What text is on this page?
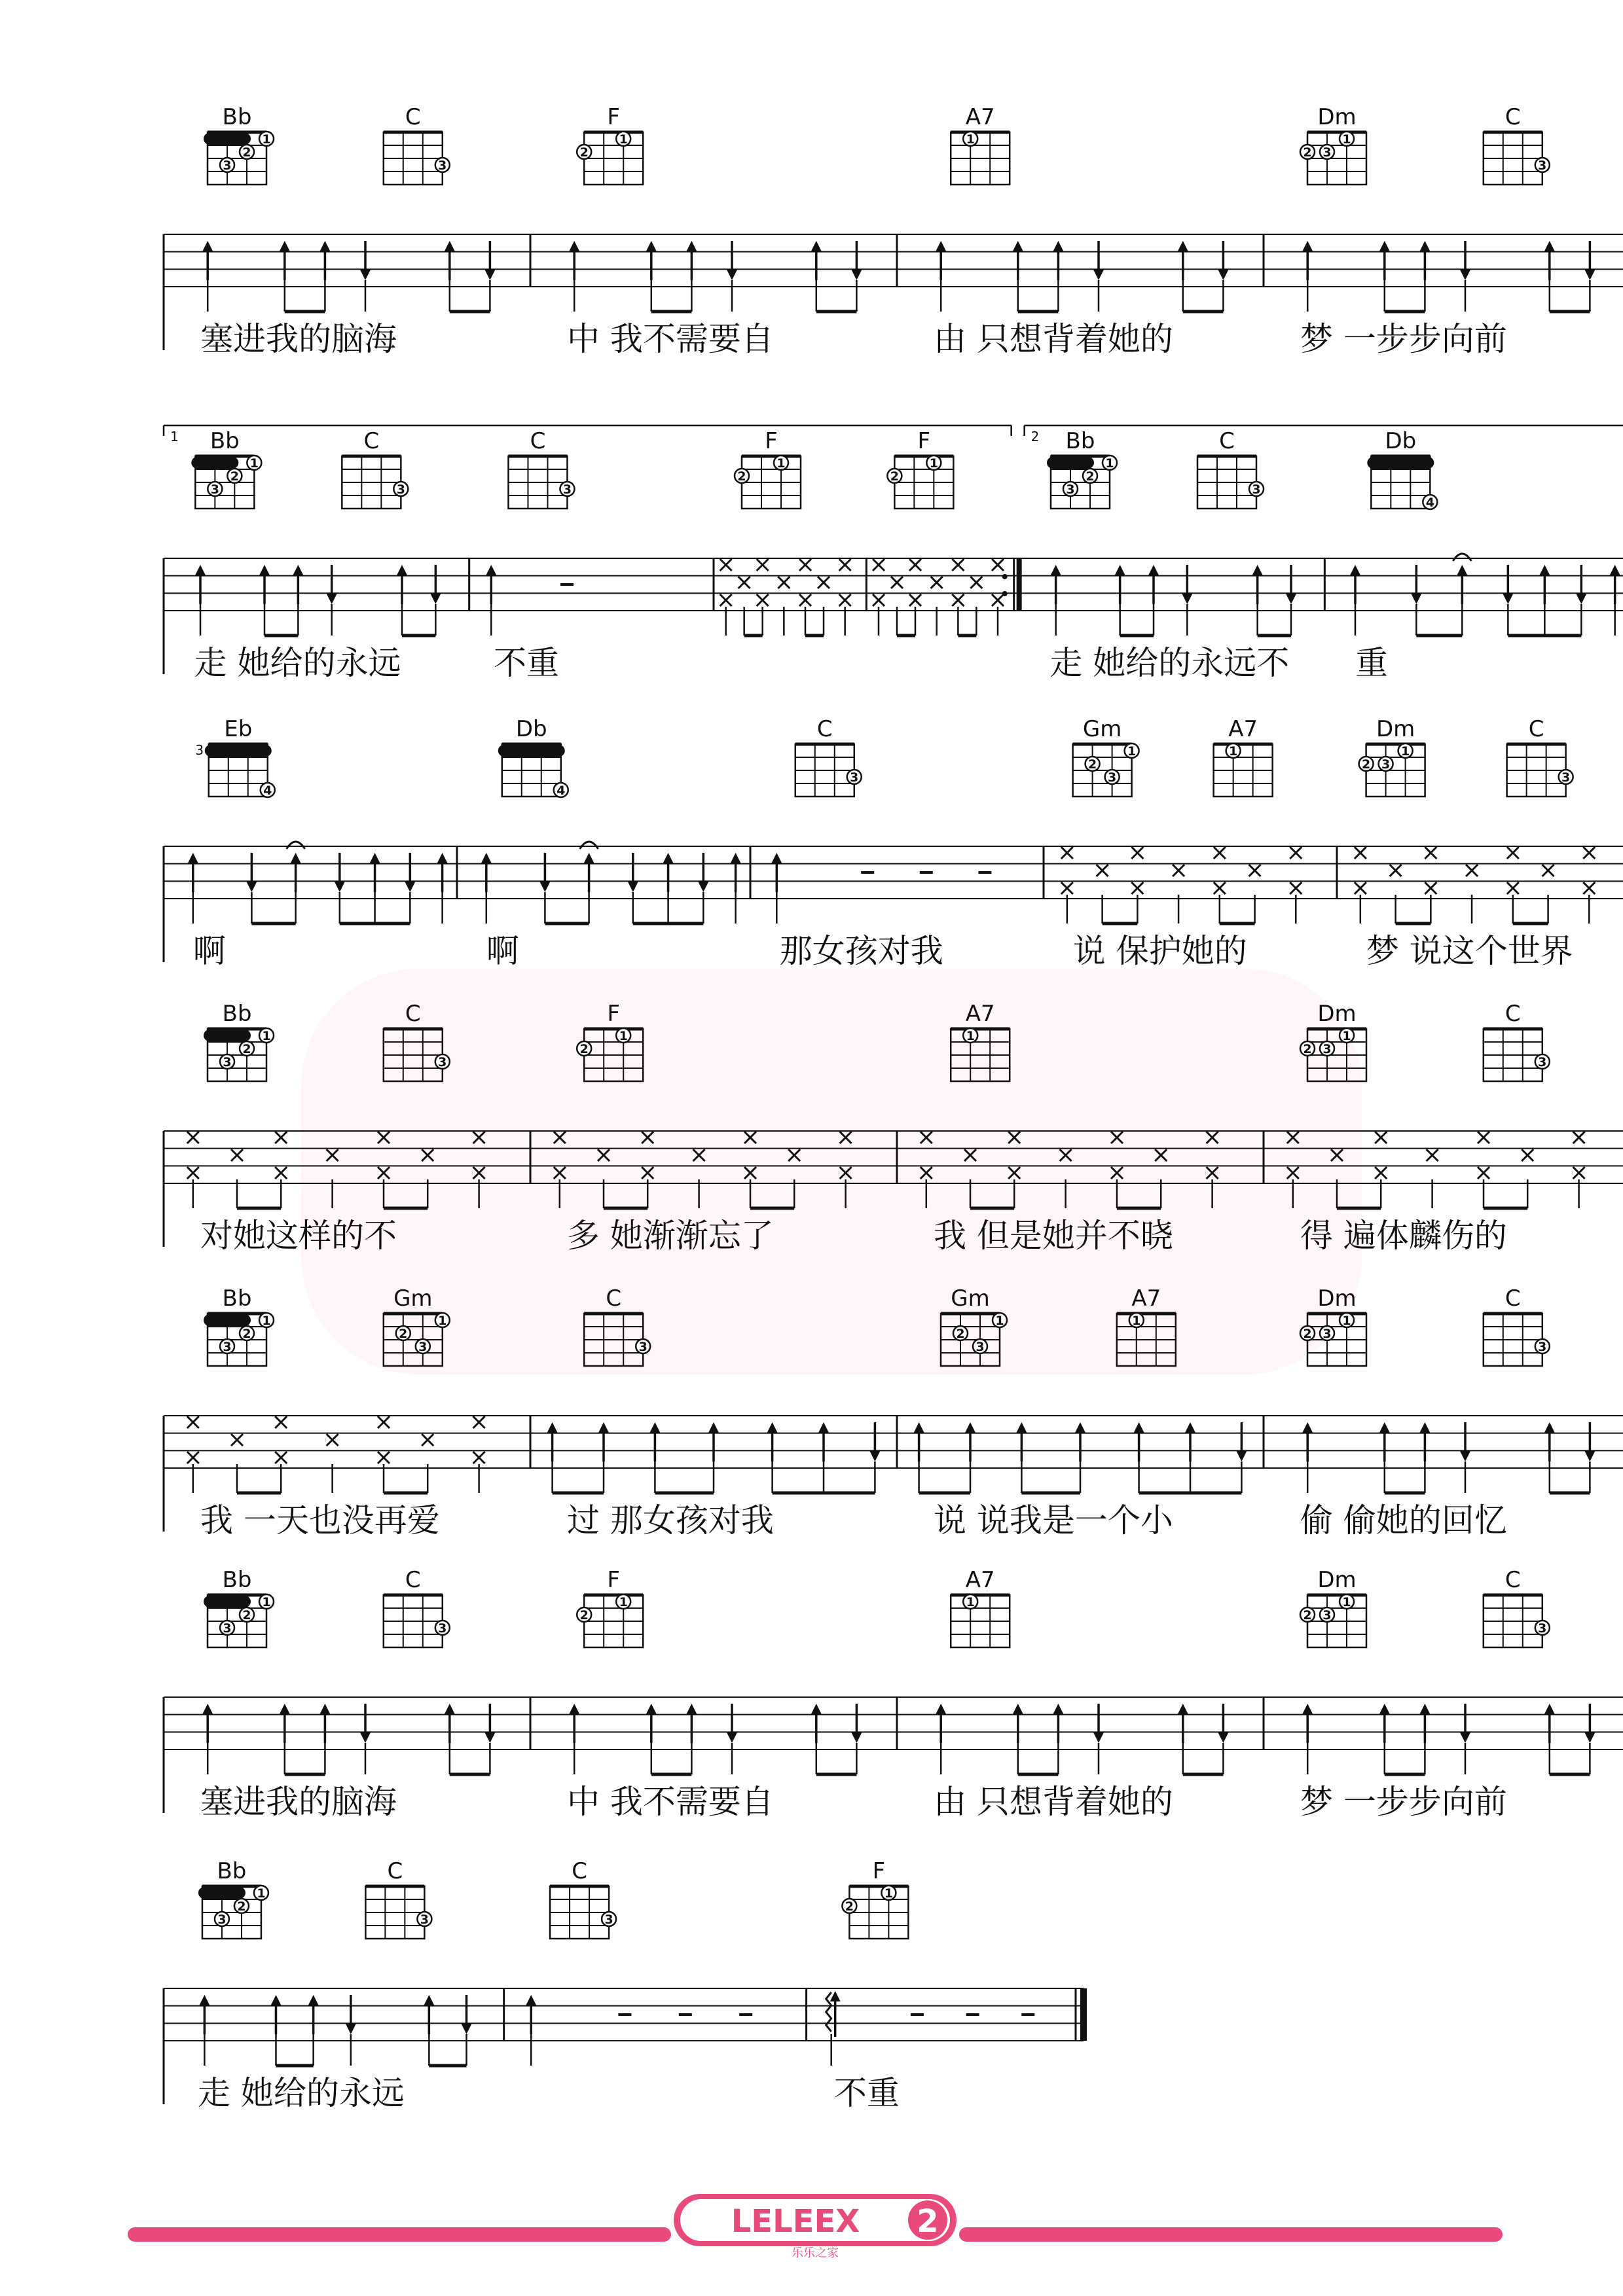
Bb
1
2
3
C
3
F
1
2
A7
1
Dm
1
2 3
C
3
1	2
Bb
1
2
3
C
3
C
3
F
1
2
F
1
2
Bb
1
2
3
C
3
Db
4
Eb
3
4
Db
4
C
3
Gm
1
2
3
A7
1
Dm
1
2 3
C
3
Bb
1
2
3
C
3
F
1
2
A7
1
Dm
1
2 3
C
3
Bb
1
2
3
Gm
1
2
3
C
3
Gm
1
2
3
A7
1
Dm
1
2 3
C
3
Bb
1
2
3
C
3
F
1
2
A7
1
Dm
1
2 3
C
3
Bb
1
2
3
C
3
C
3
F
1
2
塞进我的脑海	中 我不需要自	由 只想背着她的	梦 一步步向前
走 她给的永远	不重	走 她给的永远不 重
啊	啊	那女孩对我	说 保护她的	梦 说这个世界
对她这样的不	多 她渐渐忘了	我 但是她并不晓	得 遍体麟伤的
我 一天也没再爱	过 那女孩对我	说 说我是一个小	偷 偷她的回忆
塞进我的脑海	中 我不需要自	由 只想背着她的	梦 一步步向前
走 她给的永远	不重
LELEEX 2
乐乐之家
